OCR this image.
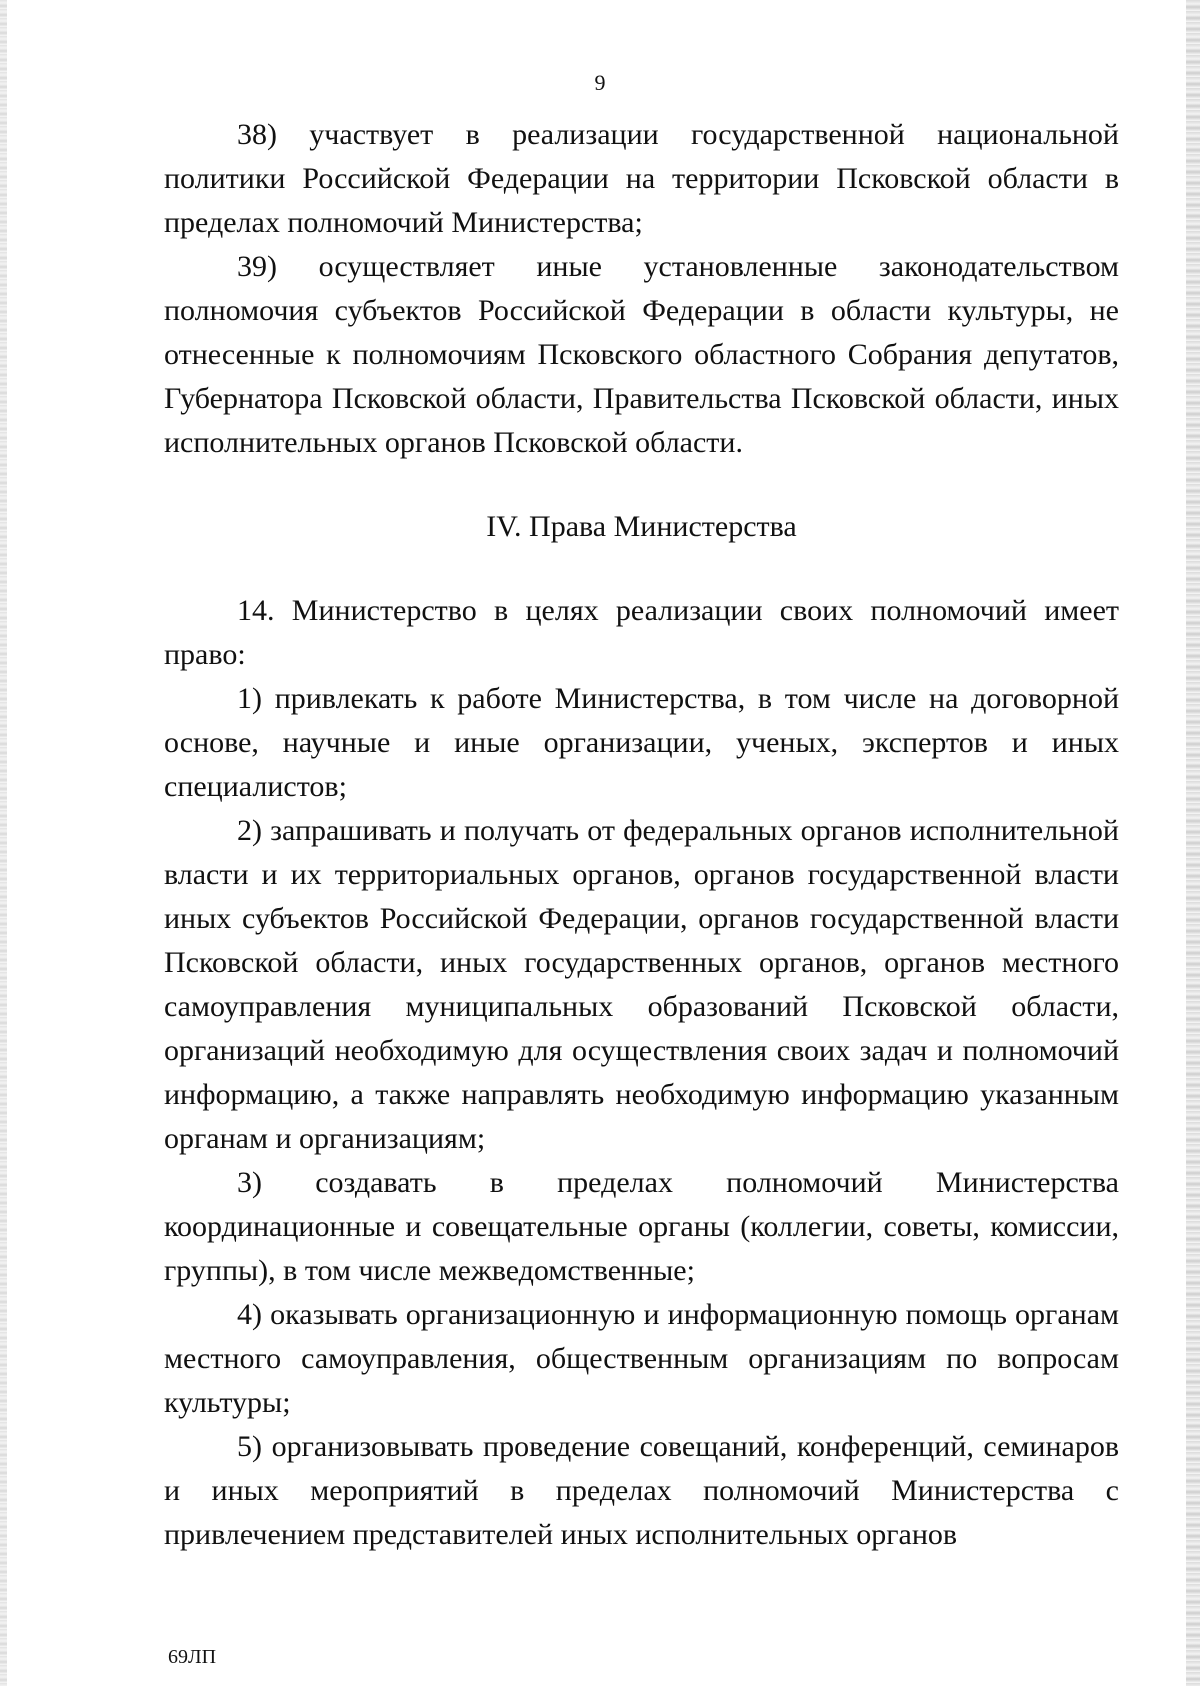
9

38) участвует в реализации государственной национальной политики Российской Федерации на территории Псковской области в пределах полномочий Министерства;

39) осуществляет иные установленные законодательством полномочия субъектов Российской Федерации в области культуры, не отнесенные к полномочиям Псковского областного Собрания депутатов, Губернатора Псковской области, Правительства Псковской области, иных исполнительных органов Псковской области.

IV. Права Министерства

14. Министерство в целях реализации своих полномочий имеет право:

1) привлекать к работе Министерства, в том числе на договорной основе, научные и иные организации, ученых, экспертов и иных специалистов;

2) запрашивать и получать от федеральных органов исполнительной власти и их территориальных органов, органов государственной власти иных субъектов Российской Федерации, органов государственной власти Псковской области, иных государственных органов, органов местного самоуправления муниципальных образований Псковской области, организаций необходимую для осуществления своих задач и полномочий информацию, а также направлять необходимую информацию указанным органам и организациям;

3) создавать в пределах полномочий Министерства координационные и совещательные органы (коллегии, советы, комиссии, группы), в том числе межведомственные;

4) оказывать организационную и информационную помощь органам местного самоуправления, общественным организациям по вопросам культуры;

5) организовывать проведение совещаний, конференций, семинаров и иных мероприятий в пределах полномочий Министерства с привлечением представителей иных исполнительных органов

69ЛП
